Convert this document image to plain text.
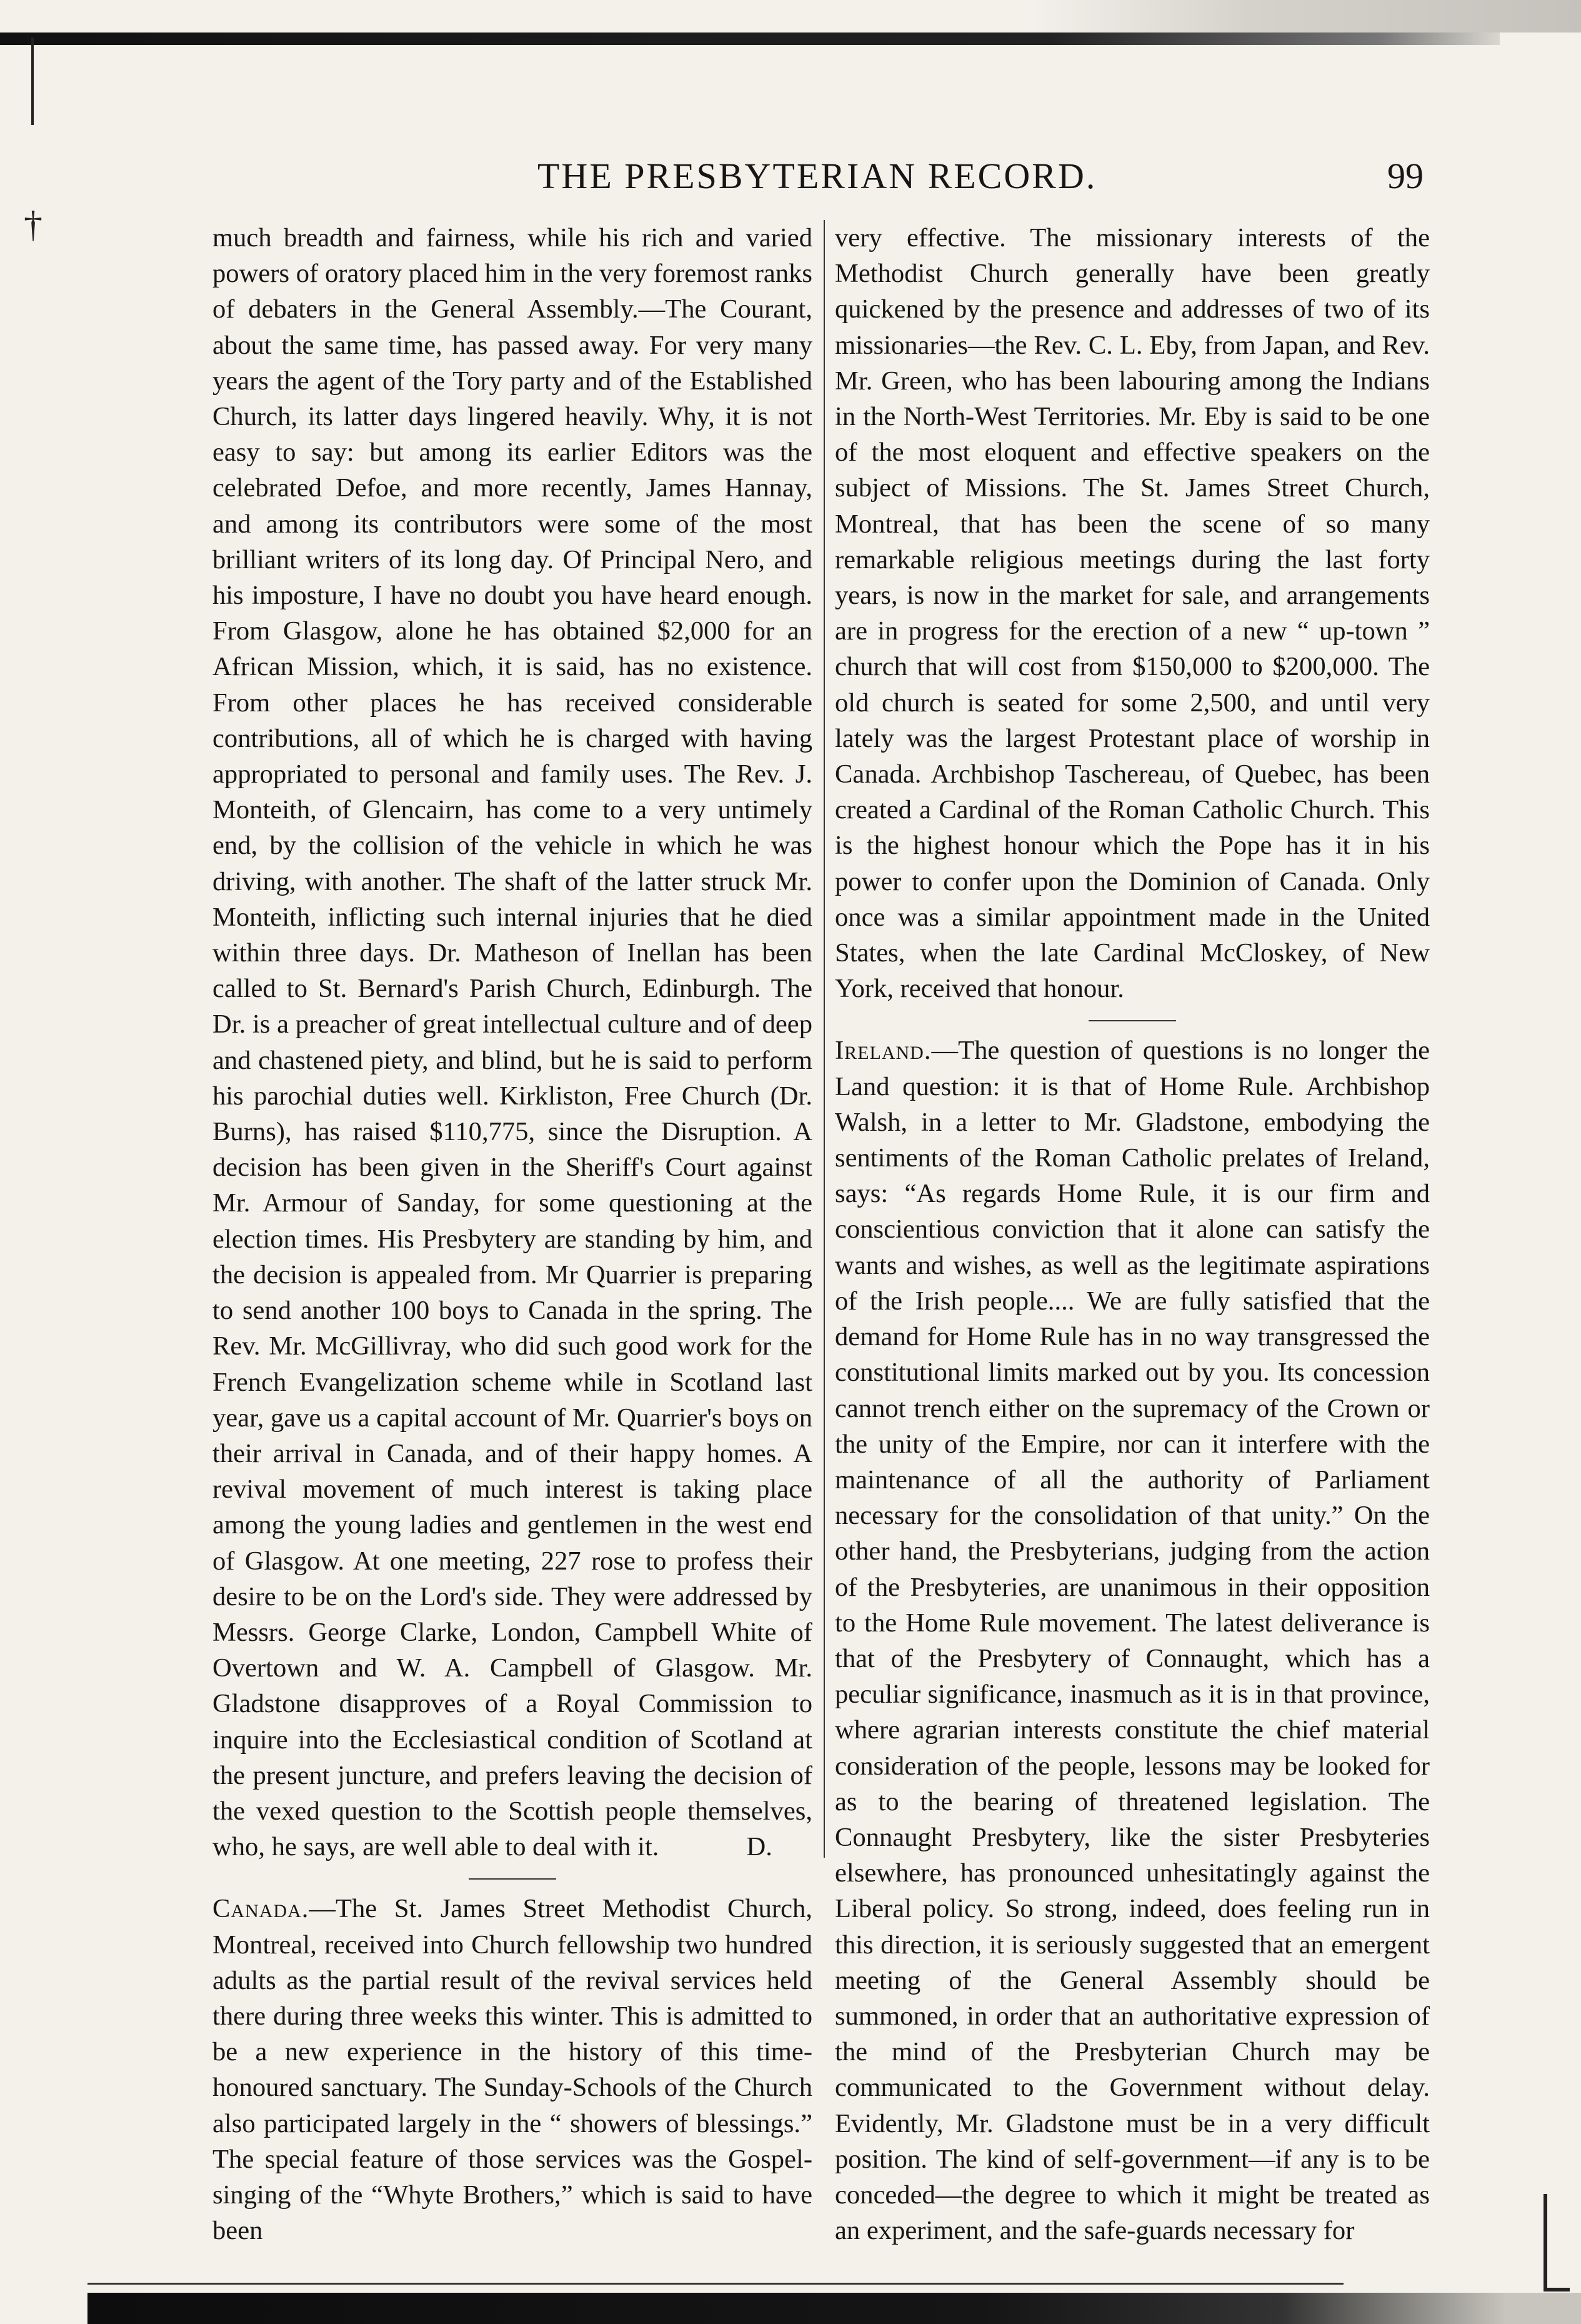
†
THE PRESBYTERIAN RECORD.	99

much breadth and fairness, while his rich and varied powers of oratory placed him in the very foremost ranks of debaters in the General Assembly.—The Courant, about the same time, has passed away. For very many years the agent of the Tory party and of the Established Church, its latter days lingered heavily. Why, it is not easy to say: but among its earlier Editors was the celebrated Defoe, and more recently, James Hannay, and among its contributors were some of the most brilliant writers of its long day. Of Principal Nero, and his imposture, I have no doubt you have heard enough. From Glasgow, alone he has obtained $2,000 for an African Mission, which, it is said, has no existence. From other places he has received considerable contributions, all of which he is charged with having appropriated to personal and family uses. The Rev. J. Monteith, of Glencairn, has come to a very untimely end, by the collision of the vehicle in which he was driving, with another. The shaft of the latter struck Mr. Monteith, inflicting such internal injuries that he died within three days. Dr. Matheson of Inellan has been called to St. Bernard's Parish Church, Edinburgh. The Dr. is a preacher of great intellectual culture and of deep and chastened piety, and blind, but he is said to perform his parochial duties well. Kirkliston, Free Church (Dr. Burns), has raised $110,775, since the Disruption. A decision has been given in the Sheriff's Court against Mr. Armour of Sanday, for some questioning at the election times. His Presbytery are standing by him, and the decision is appealed from. Mr Quarrier is preparing to send another 100 boys to Canada in the spring. The Rev. Mr. McGillivray, who did such good work for the French Evangelization scheme while in Scotland last year, gave us a capital account of Mr. Quarrier's boys on their arrival in Canada, and of their happy homes. A revival movement of much interest is taking place among the young ladies and gentlemen in the west end of Glasgow. At one meeting, 227 rose to profess their desire to be on the Lord's side. They were addressed by Messrs. George Clarke, London, Campbell White of Overtown and W. A. Campbell of Glasgow. Mr. Gladstone disapproves of a Royal Commission to inquire into the Ecclesiastical condition of Scotland at the present juncture, and prefers leaving the decision of the vexed question to the Scottish people themselves, who, he says, are well able to deal with it.	D.

Canada.—The St. James Street Methodist Church, Montreal, received into Church fellowship two hundred adults as the partial result of the revival services held there during three weeks this winter. This is admitted to be a new experience in the history of this time-honoured sanctuary. The Sunday-Schools of the Church also participated largely in the “ showers of blessings.” The special feature of those services was the Gospel-singing of the “Whyte Brothers,” which is said to have been

very effective. The missionary interests of the Methodist Church generally have been greatly quickened by the presence and addresses of two of its missionaries—the Rev. C. L. Eby, from Japan, and Rev. Mr. Green, who has been labouring among the Indians in the North-West Territories. Mr. Eby is said to be one of the most eloquent and effective speakers on the subject of Missions. The St. James Street Church, Montreal, that has been the scene of so many remarkable religious meetings during the last forty years, is now in the market for sale, and arrangements are in progress for the erection of a new “ up-town ” church that will cost from $150,000 to $200,000. The old church is seated for some 2,500, and until very lately was the largest Protestant place of worship in Canada. Archbishop Taschereau, of Quebec, has been created a Cardinal of the Roman Catholic Church. This is the highest honour which the Pope has it in his power to confer upon the Dominion of Canada. Only once was a similar appointment made in the United States, when the late Cardinal McCloskey, of New York, received that honour.

Ireland.—The question of questions is no longer the Land question: it is that of Home Rule. Archbishop Walsh, in a letter to Mr. Gladstone, embodying the sentiments of the Roman Catholic prelates of Ireland, says: “As regards Home Rule, it is our firm and conscientious conviction that it alone can satisfy the wants and wishes, as well as the legitimate aspirations of the Irish people.... We are fully satisfied that the demand for Home Rule has in no way transgressed the constitutional limits marked out by you. Its concession cannot trench either on the supremacy of the Crown or the unity of the Empire, nor can it interfere with the maintenance of all the authority of Parliament necessary for the consolidation of that unity.” On the other hand, the Presbyterians, judging from the action of the Presbyteries, are unanimous in their opposition to the Home Rule movement. The latest deliverance is that of the Presbytery of Connaught, which has a peculiar significance, inasmuch as it is in that province, where agrarian interests constitute the chief material consideration of the people, lessons may be looked for as to the bearing of threatened legislation. The Connaught Presbytery, like the sister Presbyteries elsewhere, has pronounced unhesitatingly against the Liberal policy. So strong, indeed, does feeling run in this direction, it is seriously suggested that an emergent meeting of the General Assembly should be summoned, in order that an authoritative expression of the mind of the Presbyterian Church may be communicated to the Government without delay. Evidently, Mr. Gladstone must be in a very difficult position. The kind of self-government—if any is to be conceded—the degree to which it might be treated as an experiment, and the safe-guards necessary for
